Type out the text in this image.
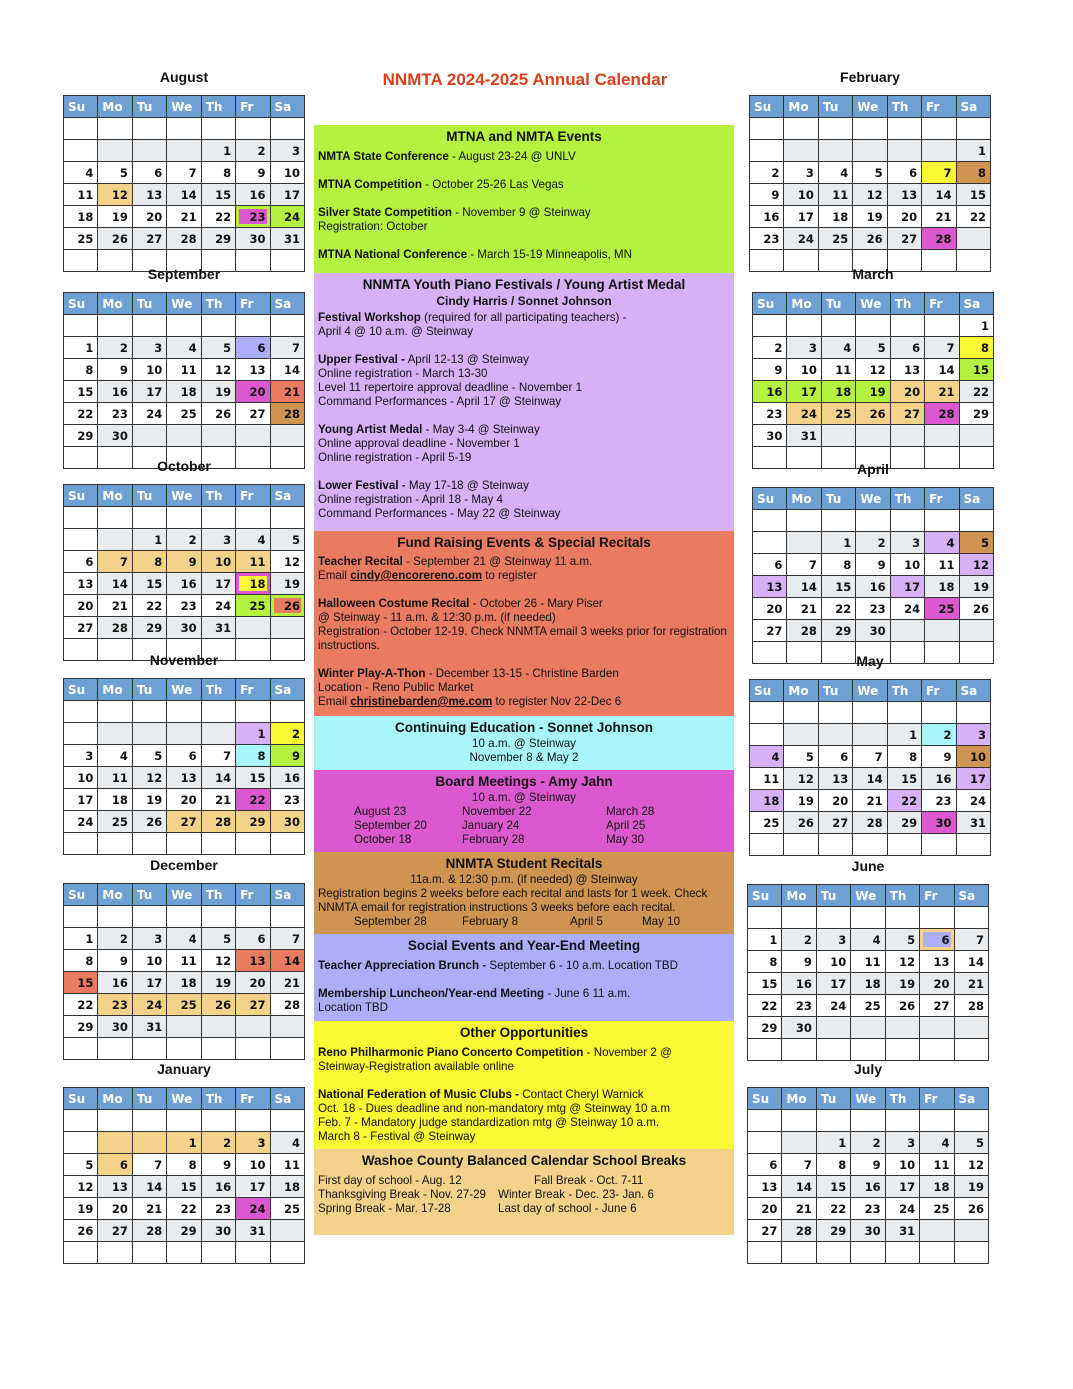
NNMTA 2024-2025 Annual Calendar
August
Su	Mo	Tu	We	Th	Fr	Sa

				1	2	3
4	5	6	7	8	9	10
11	12	13	14	15	16	17
18	19	20	21	22	23	24
25	26	27	28	29	30	31

September
Su	Mo	Tu	We	Th	Fr	Sa

1	2	3	4	5	6	7
8	9	10	11	12	13	14
15	16	17	18	19	20	21
22	23	24	25	26	27	28
29	30					

October
Su	Mo	Tu	We	Th	Fr	Sa

		1	2	3	4	5
6	7	8	9	10	11	12
13	14	15	16	17	18	19
20	21	22	23	24	25	26
27	28	29	30	31		

November
Su	Mo	Tu	We	Th	Fr	Sa

					1	2
3	4	5	6	7	8	9
10	11	12	13	14	15	16
17	18	19	20	21	22	23
24	25	26	27	28	29	30

December
Su	Mo	Tu	We	Th	Fr	Sa

1	2	3	4	5	6	7
8	9	10	11	12	13	14
15	16	17	18	19	20	21
22	23	24	25	26	27	28
29	30	31				

January
Su	Mo	Tu	We	Th	Fr	Sa

			1	2	3	4
5	6	7	8	9	10	11
12	13	14	15	16	17	18
19	20	21	22	23	24	25
26	27	28	29	30	31	

February
Su	Mo	Tu	We	Th	Fr	Sa

						1
2	3	4	5	6	7	8
9	10	11	12	13	14	15
16	17	18	19	20	21	22
23	24	25	26	27	28	

March
Su	Mo	Tu	We	Th	Fr	Sa
						1
2	3	4	5	6	7	8
9	10	11	12	13	14	15
16	17	18	19	20	21	22
23	24	25	26	27	28	29
30	31					

April
Su	Mo	Tu	We	Th	Fr	Sa

		1	2	3	4	5
6	7	8	9	10	11	12
13	14	15	16	17	18	19
20	21	22	23	24	25	26
27	28	29	30			

May
Su	Mo	Tu	We	Th	Fr	Sa

				1	2	3
4	5	6	7	8	9	10
11	12	13	14	15	16	17
18	19	20	21	22	23	24
25	26	27	28	29	30	31

June
Su	Mo	Tu	We	Th	Fr	Sa

1	2	3	4	5	6	7
8	9	10	11	12	13	14
15	16	17	18	19	20	21
22	23	24	25	26	27	28
29	30					

July
Su	Mo	Tu	We	Th	Fr	Sa

		1	2	3	4	5
6	7	8	9	10	11	12
13	14	15	16	17	18	19
20	21	22	23	24	25	26
27	28	29	30	31		

MTNA and NMTA Events

NMTA State Conference - August 23-24 @ UNLV

MTNA Competition - October 25-26 Las Vegas

Silver State Competition - November 9 @ Steinway
Registration: October

MTNA National Conference - March 15-19 Minneapolis, MN

NNMTA Youth Piano Festivals / Young Artist Medal
Cindy Harris / Sonnet Johnson

Festival Workshop (required for all participating teachers) -
April 4 @ 10 a.m. @ Steinway

Upper Festival - April 12-13 @ Steinway
Online registration - March 13-30
Level 11 repertoire approval deadline - November 1
Command Performances - April 17 @ Steinway

Young Artist Medal - May 3-4 @ Steinway
Online approval deadline - November 1
Online registration - April 5-19

Lower Festival - May 17-18 @ Steinway
Online registration - April 18 - May 4
Command Performances - May 22 @ Steinway

Fund Raising Events & Special Recitals

Teacher Recital - September 21 @ Steinway 11 a.m.
Email cindy@encorereno.com to register

Halloween Costume Recital - October 26 - Mary Piser
@ Steinway - 11 a.m. & 12:30 p.m. (if needed)
Registration - October 12-19. Check NNMTA email 3 weeks prior for registration instructions.

Winter Play-A-Thon - December 13-15 - Christine Barden
Location - Reno Public Market
Email christinebarden@me.com to register Nov 22-Dec 6

Continuing Education - Sonnet Johnson
10 a.m. @ Steinway
November 8 & May 2
Board Meetings - Amy Jahn
10 a.m. @ Steinway
August 23	November 22	March 28
September 20	January 24	April 25
October 18	February 28	May 30
NNMTA Student Recitals
11a.m. & 12:30 p.m. (if needed) @ Steinway
Registration begins 2 weeks before each recital and lasts for 1 week. Check NNMTA email for registration instructions 3 weeks before each recital.
September 28	February 8	April 5	May 10
Social Events and Year-End Meeting

Teacher Appreciation Brunch - September 6 - 10 a.m. Location TBD

Membership Luncheon/Year-end Meeting - June 6 11 a.m.
Location TBD

Other Opportunities

Reno Philharmonic Piano Concerto Competition - November 2 @
Steinway-Registration available online

National Federation of Music Clubs - Contact Cheryl Warnick
Oct. 18 - Dues deadline and non-mandatory mtg @ Steinway 10 a.m
Feb. 7 - Mandatory judge standardization mtg @ Steinway 10 a.m.
March 8 - Festival @ Steinway

Washoe County Balanced Calendar School Breaks
First day of school - Aug. 12	Fall Break - Oct. 7-11
Thanksgiving Break - Nov. 27-29	Winter Break - Dec. 23- Jan. 6
Spring Break - Mar. 17-28	Last day of school - June 6
